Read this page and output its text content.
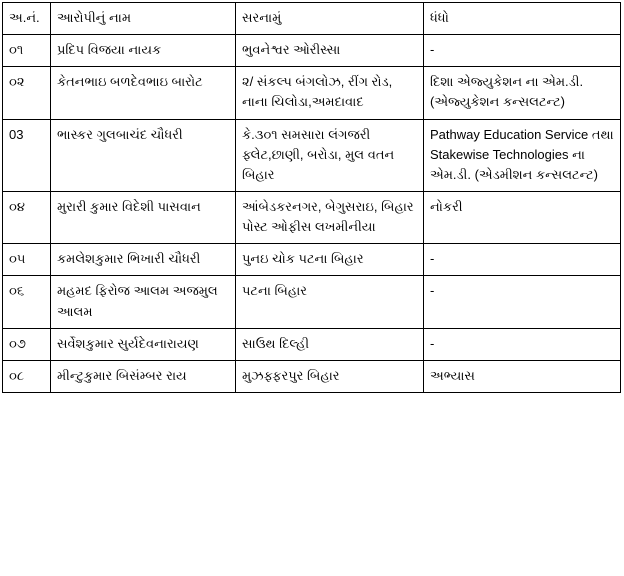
અ.નં.	આરોપીનું નામ	સરનામું	ધંધો
૦૧	પ્રદિપ વિજયા નાયક	ભુવનેશ્વર ઓરીસ્સા	-
૦૨	કેતનભાઇ બળદેવભાઇ બારોટ	૨/ સંકલ્પ બંગલોઝ, રીંગ રોડ, નાના ચિલોડા,અમદાવાદ	દિશા એજ્યુકેશન ના એમ.ડી. (એજ્યુકેશન કન્સલટન્ટ)
03	ભાસ્કર ગુલબાચંદ ચૌધરી	કે.૩૦૧ સમસારા લંગજરી ફ્લેટ,છાણી, બરોડા, મુલ વતન બિહાર	Pathway Education Service તથા Stakewise Technologies ના એમ.ડી. (એડમીશન કન્સલટન્ટ)
૦૪	મુરારી કુમાર વિદેશી પાસવાન	આંબેડકરનગર, બેગુસરાઇ, બિહાર પોસ્ટ ઓફીસ લખમીનીયા	નોકરી
૦૫	કમલેશકુમાર ભિખારી ચૌધરી	પુનઇ ચોક પટના બિહાર	-
૦૬	મહમદ ફિરોજ આલમ અજમુલ આલમ	પટના બિહાર	-
૦૭	સર્વેશકુમાર સુર્યદેવનારાયણ	સાઉથ દિલ્હી	-
૦૮	મીન્ટુકુમાર બિસંમ્બર રાય	મુઝફ્ફરપુર બિહાર	અભ્યાસ
